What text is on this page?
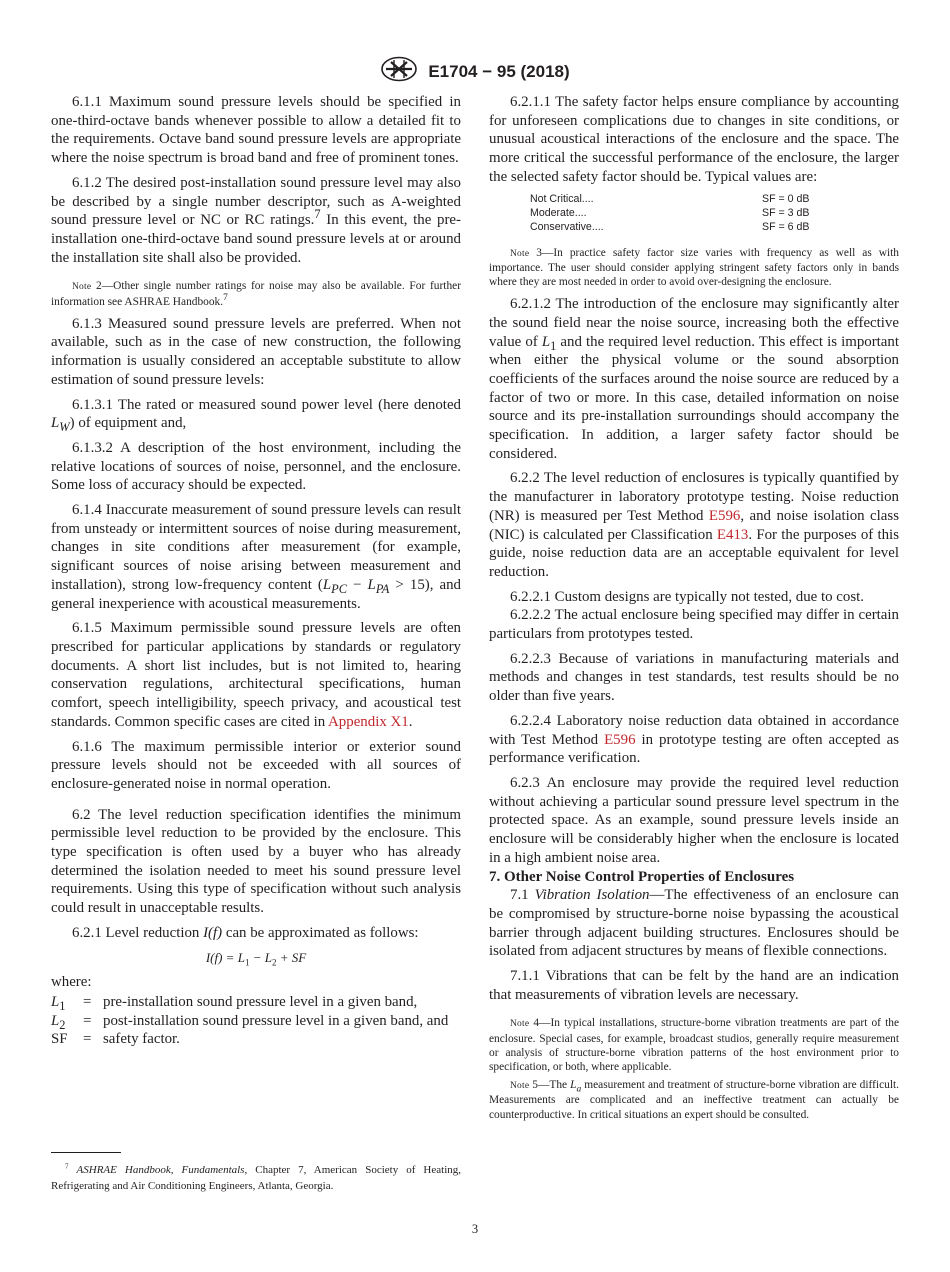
E1704 − 95 (2018)

6.1.1 Maximum sound pressure levels should be specified in one-third-octave bands whenever possible to allow a detailed fit to the requirements. Octave band sound pressure levels are appropriate where the noise spectrum is broad band and free of prominent tones.

6.1.2 The desired post-installation sound pressure level may also be described by a single number descriptor, such as A-weighted sound pressure level or NC or RC ratings.$^7$ In this event, the pre-installation one-third-octave band sound pressure levels at or around the installation site shall also be provided.

Note 2—Other single number ratings for noise may also be available. For further information see ASHRAE Handbook.$^7$

6.1.3 Measured sound pressure levels are preferred. When not available, such as in the case of new construction, the following information is usually considered an acceptable substitute to allow estimation of sound pressure levels:

6.1.3.1 The rated or measured sound power level (here denoted $L_W$) of equipment and,

6.1.3.2 A description of the host environment, including the relative locations of sources of noise, personnel, and the enclosure. Some loss of accuracy should be expected.

6.1.4 Inaccurate measurement of sound pressure levels can result from unsteady or intermittent sources of noise during measurement, changes in site conditions after measurement (for example, significant sources of noise arising between measurement and installation), strong low-frequency content $(L_{PC} - L_{PA} > 15)$, and general inexperience with acoustical measurements.

6.1.5 Maximum permissible sound pressure levels are often prescribed for particular applications by standards or regulatory documents. A short list includes, but is not limited to, hearing conservation regulations, architectural specifications, human comfort, speech intelligibility, speech privacy, and acoustical test standards. Common specific cases are cited in Appendix X1.

6.1.6 The maximum permissible interior or exterior sound pressure levels should not be exceeded with all sources of enclosure-generated noise in normal operation.

6.2 The level reduction specification identifies the minimum permissible level reduction to be provided by the enclosure. This type specification is often used by a buyer who has already determined the isolation needed to meet his sound pressure level requirements. Using this type of specification without such analysis could result in unacceptable results.

6.2.1 Level reduction I(f) can be approximated as follows:

$I(f) = L_1 - L_2$ + SF
where:
$L_1$	= pre-installation sound pressure level in a given band,
$L_2$	= post-installation sound pressure level in a given band, and
SF	= safety factor.
$^7$ ASHRAE Handbook, Fundamentals, Chapter 7, American Society of Heating, Refrigerating and Air Conditioning Engineers, Atlanta, Georgia.

6.2.1.1 The safety factor helps ensure compliance by accounting for unforeseen complications due to changes in site conditions, or unusual acoustical interactions of the enclosure and the space. The more critical the successful performance of the enclosure, the larger the selected safety factor should be. Typical values are:

Not Critical....	SF = 0 dB
Moderate....	SF = 3 dB
Conservative....	SF = 6 dB

Note 3—In practice safety factor size varies with frequency as well as with importance. The user should consider applying stringent safety factors only in bands where they are most needed in order to avoid over-designing the enclosure.

6.2.1.2 The introduction of the enclosure may significantly alter the sound field near the noise source, increasing both the effective value of $L_1$ and the required level reduction. This effect is important when either the physical volume or the sound absorption coefficients of the surfaces around the noise source are reduced by a factor of two or more. In this case, detailed information on noise source and its pre-installation surroundings should accompany the specification. In addition, a larger safety factor should be considered.

6.2.2 The level reduction of enclosures is typically quantified by the manufacturer in laboratory prototype testing. Noise reduction (NR) is measured per Test Method E596, and noise isolation class (NIC) is calculated per Classification E413. For the purposes of this guide, noise reduction data are an acceptable equivalent for level reduction.

6.2.2.1 Custom designs are typically not tested, due to cost.

6.2.2.2 The actual enclosure being specified may differ in certain particulars from prototypes tested.

6.2.2.3 Because of variations in manufacturing materials and methods and changes in test standards, test results should be no older than five years.

6.2.2.4 Laboratory noise reduction data obtained in accordance with Test Method E596 in prototype testing are often accepted as performance verification.

6.2.3 An enclosure may provide the required level reduction without achieving a particular sound pressure level spectrum in the protected space. As an example, sound pressure levels inside an enclosure will be considerably higher when the enclosure is located in a high ambient noise area.

7. Other Noise Control Properties of Enclosures

7.1 Vibration Isolation—The effectiveness of an enclosure can be compromised by structure-borne noise bypassing the acoustical barrier through adjacent building structures. Enclosures should be isolated from adjacent structures by means of flexible connections.

7.1.1 Vibrations that can be felt by the hand are an indication that measurements of vibration levels are necessary.

Note 4—In typical installations, structure-borne vibration treatments are part of the enclosure. Special cases, for example, broadcast studios, generally require measurement or analysis of structure-borne vibration patterns of the host environment prior to specification, or both, where applicable.

Note 5—The $L_a$ measurement and treatment of structure-borne vibration are difficult. Measurements are complicated and an ineffective treatment can actually be counterproductive. In critical situations an expert should be consulted.

3
